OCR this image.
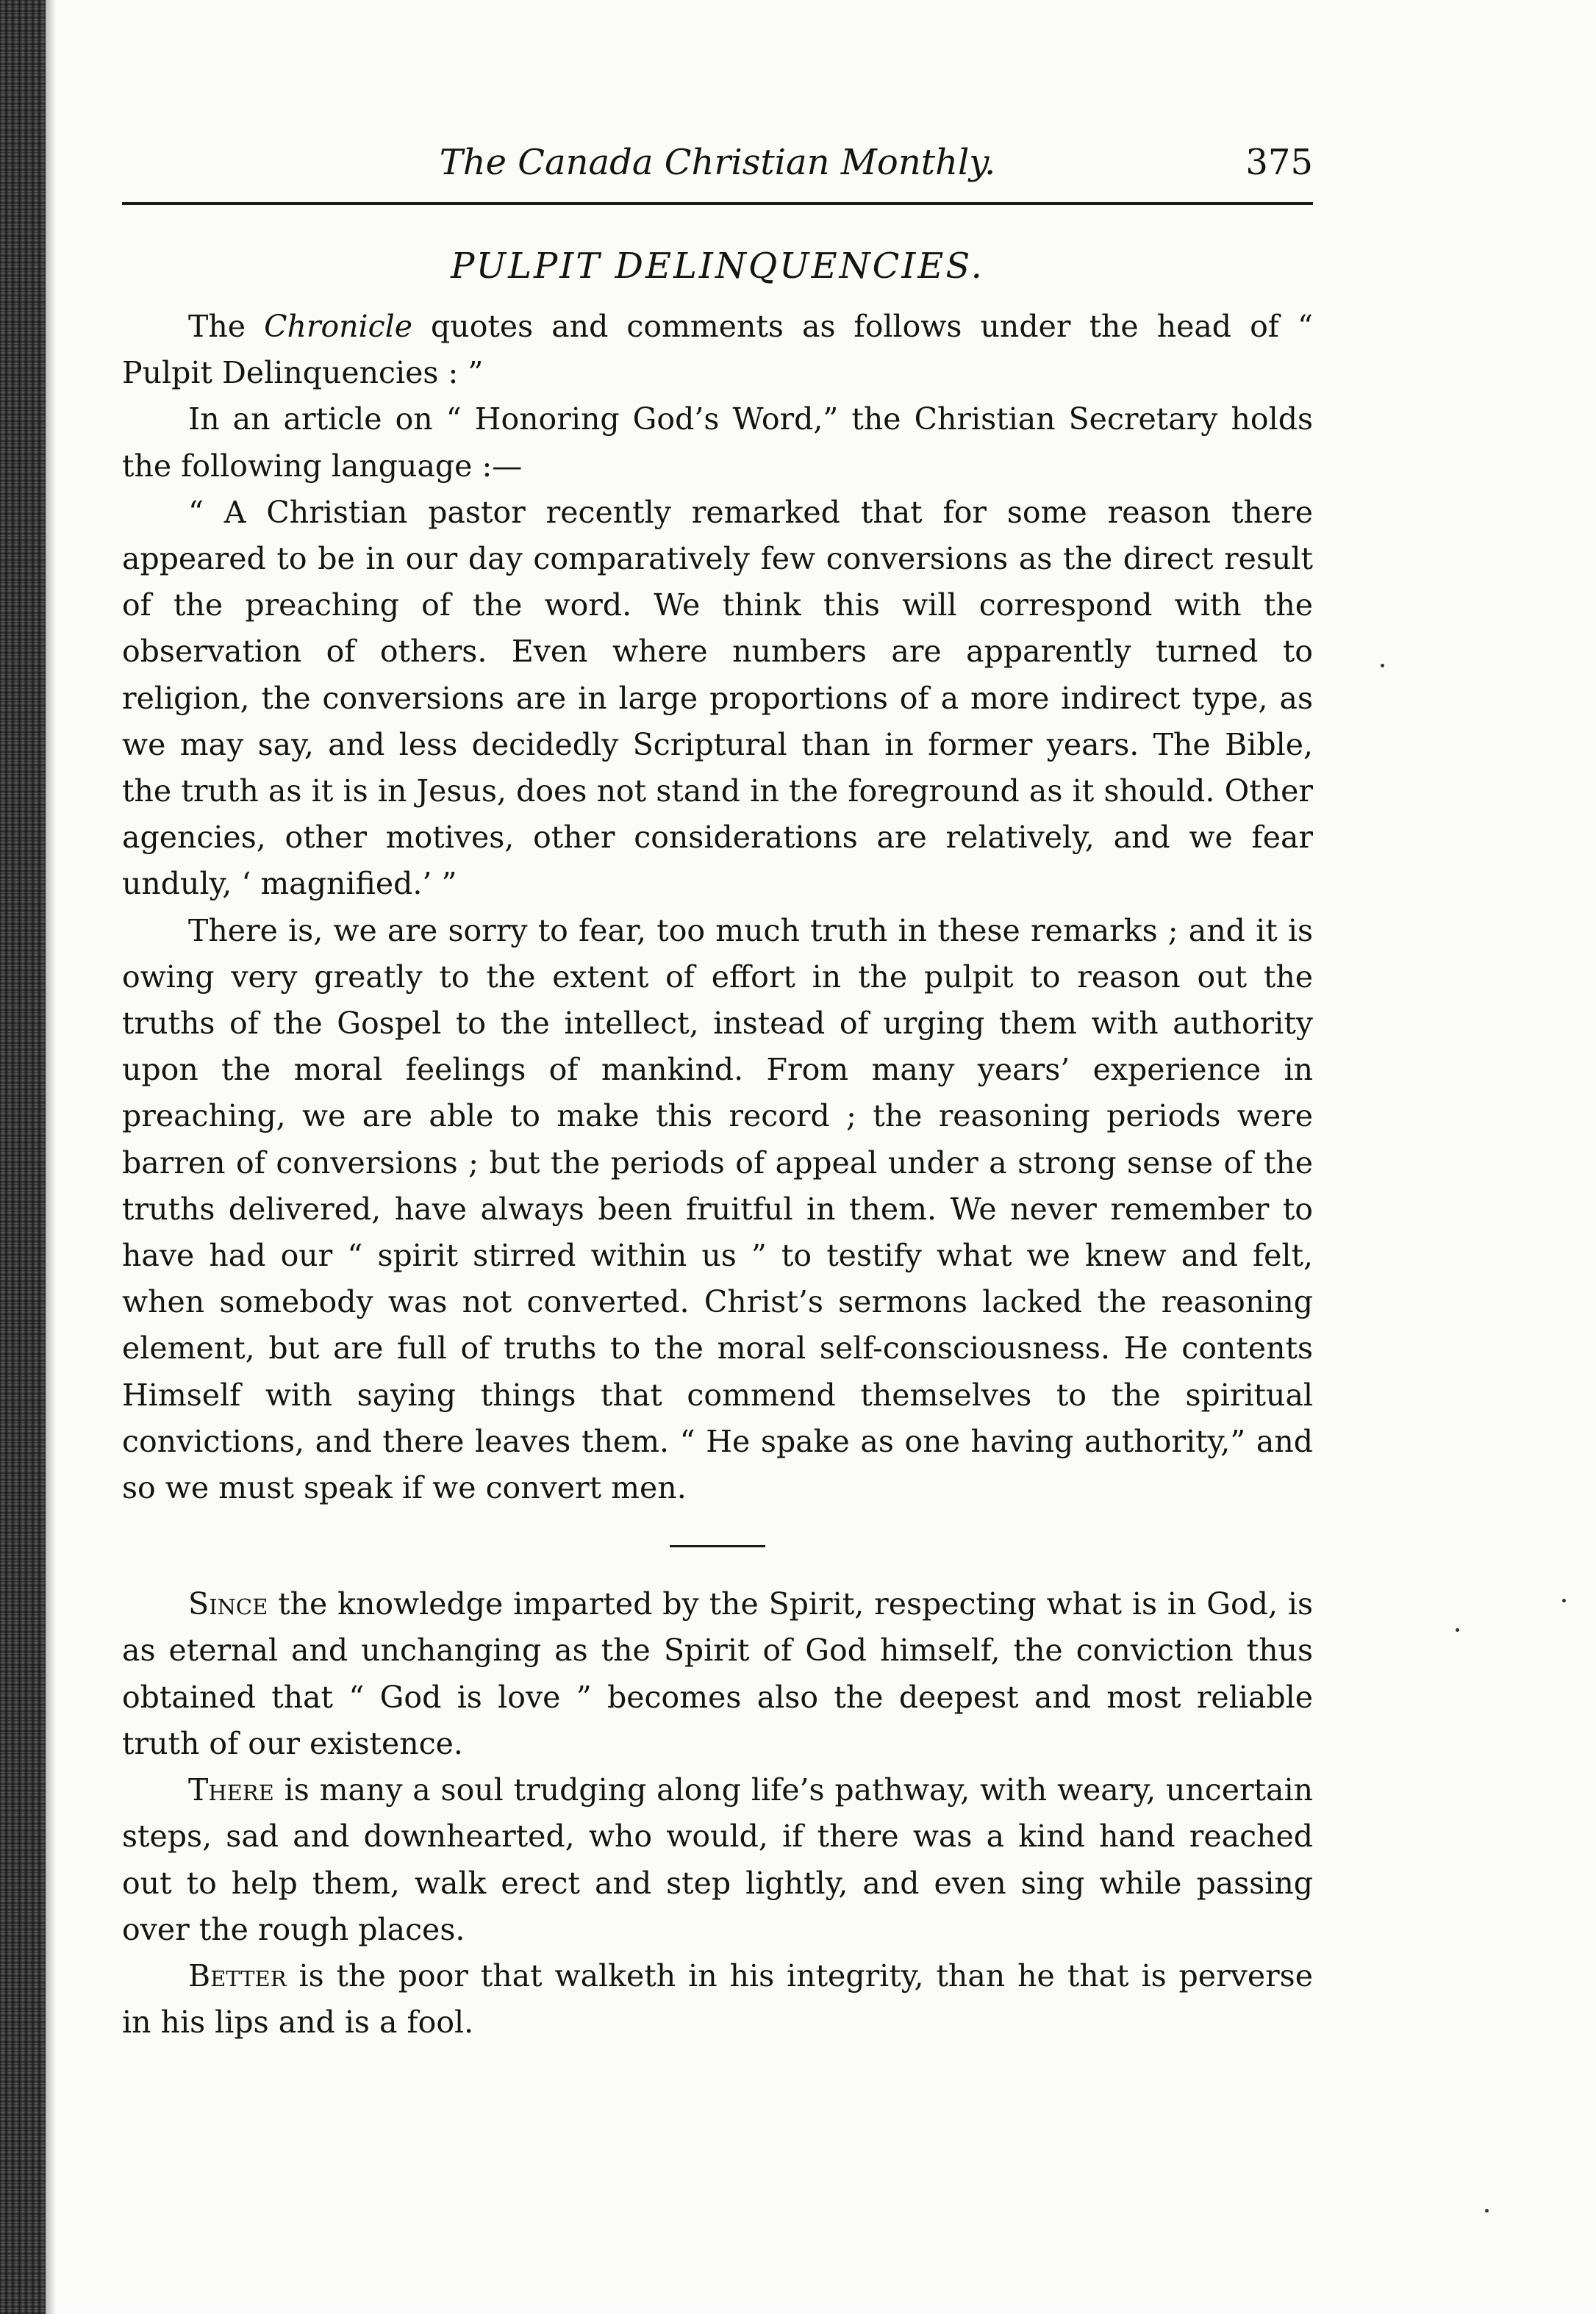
The Canada Christian Monthly.	375
PULPIT DELINQUENCIES.

The Chronicle quotes and comments as follows under the head of “ Pulpit Delinquencies : ”

In an article on “ Honoring God’s Word,” the Christian Secretary holds the following language :—

“ A Christian pastor recently remarked that for some reason there appeared to be in our day comparatively few conversions as the direct result of the preaching of the word. We think this will correspond with the observation of others. Even where numbers are apparently turned to religion, the conversions are in large proportions of a more indirect type, as we may say, and less decidedly Scriptural than in former years. The Bible, the truth as it is in Jesus, does not stand in the foreground as it should. Other agencies, other motives, other considerations are relatively, and we fear unduly, ‘ magnified.’ ”

There is, we are sorry to fear, too much truth in these remarks ; and it is owing very greatly to the extent of effort in the pulpit to reason out the truths of the Gospel to the intellect, instead of urging them with authority upon the moral feelings of mankind. From many years’ experience in preaching, we are able to make this record ; the reasoning periods were barren of conversions ; but the periods of appeal under a strong sense of the truths delivered, have always been fruitful in them. We never remember to have had our “ spirit stirred within us ” to testify what we knew and felt, when somebody was not converted. Christ’s sermons lacked the reasoning element, but are full of truths to the moral self-consciousness. He contents Himself with saying things that commend themselves to the spiritual convictions, and there leaves them. “ He spake as one having authority,” and so we must speak if we convert men.

Since the knowledge imparted by the Spirit, respecting what is in God, is as eternal and unchanging as the Spirit of God himself, the conviction thus obtained that “ God is love ” becomes also the deepest and most reliable truth of our existence.

There is many a soul trudging along life’s pathway, with weary, uncertain steps, sad and downhearted, who would, if there was a kind hand reached out to help them, walk erect and step lightly, and even sing while passing over the rough places.

Better is the poor that walketh in his integrity, than he that is perverse in his lips and is a fool.
